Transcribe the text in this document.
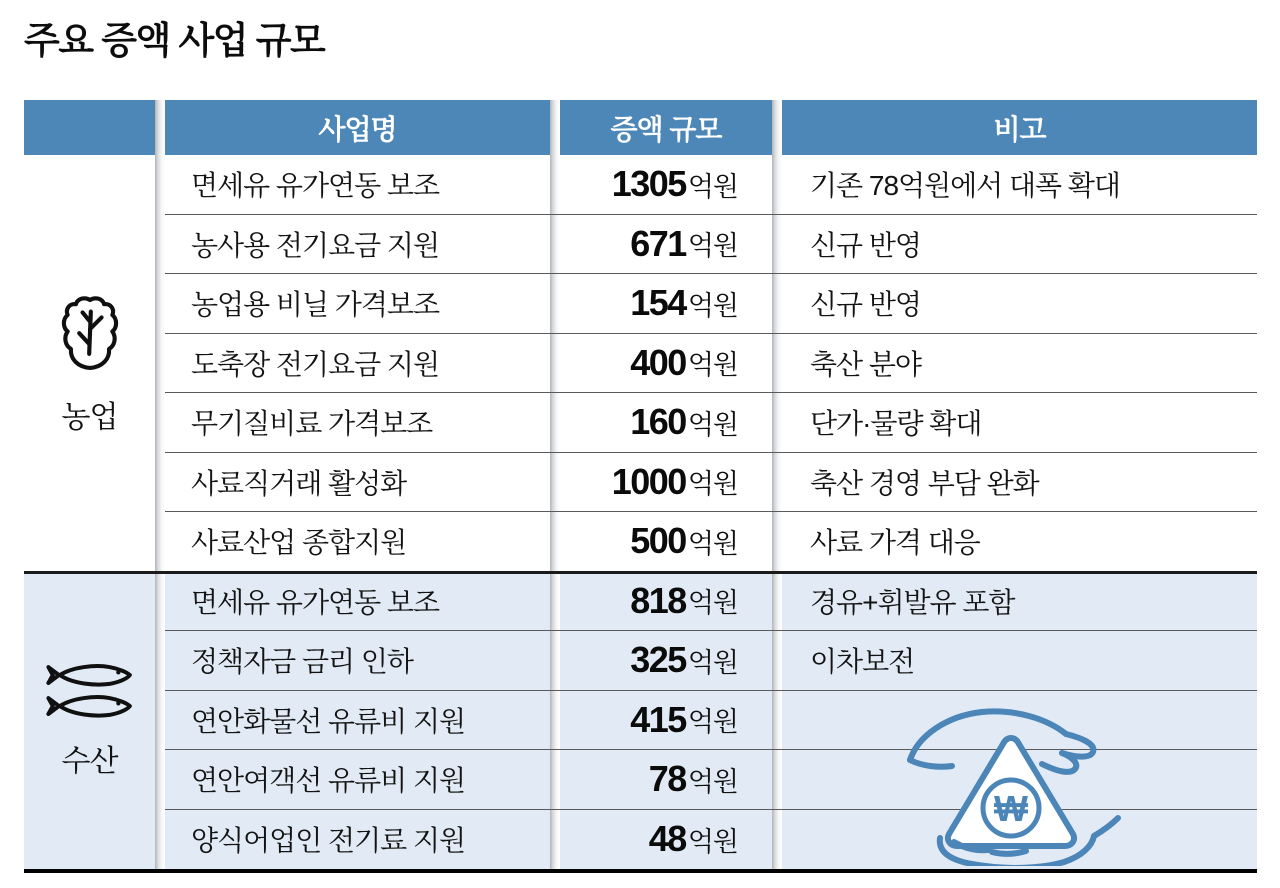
주요 증액 사업 규모
사업명	증액 규모	비고
농업
수산
면세유 유가연동 보조	1305 억원	기존 78억원에서 대폭 확대
농사용 전기요금 지원	671 억원	신규 반영
농업용 비닐 가격보조	154 억원	신규 반영
도축장 전기요금 지원	400 억원	축산 분야
무기질비료 가격보조	160 억원	단가·물량 확대
사료직거래 활성화	1000 억원	축산 경영 부담 완화
사료산업 종합지원	500 억원	사료 가격 대응
면세유 유가연동 보조	818 억원	경유+휘발유 포함
정책자금 금리 인하	325 억원	이차보전
연안화물선 유류비 지원	415 억원
연안여객선 유류비 지원	78 억원
양식어업인 전기료 지원	48 억원
₩
